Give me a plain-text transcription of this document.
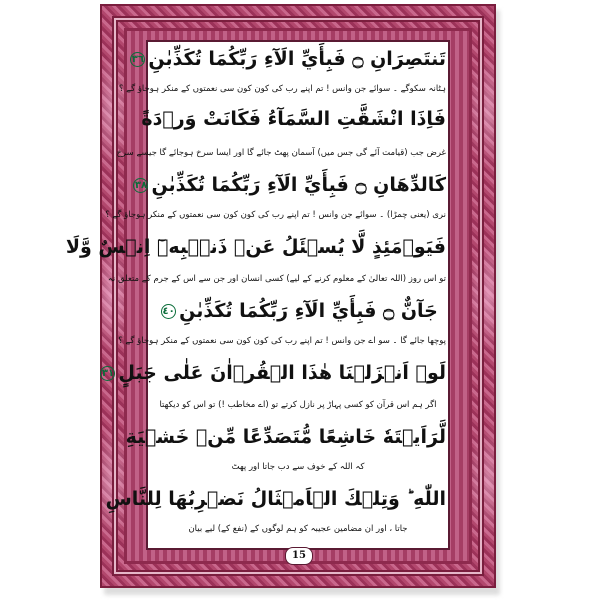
تَنتَصِرَانِ ۝ فَبِأَيِّ الَآءِ رَبِّكُمَا تُكَذِّبٰنِ٣٦
ہٹانہ سکوگے ۔ سوائے جن وانس ! تم اپنے رب کی کون کون سی نعمتوں کے منکر ہوجاؤ گے ؟
فَاِذَا انْشَقَّتِ السَّمَآءُ فَكَانَتْ وَرۡدَةً
غرض جب (قیامت آئے گی جس میں) آسمان پھٹ جائے گا اور ایسا سرخ ہوجائے گا جیسے سرخ
كَالدِّهَانِ ۝ فَبِأَيِّ الَآءِ رَبِّكُمَا تُكَذِّبٰنِ٣٨
نری (یعنی چمڑا) ۔ سوائے جن وانس ! تم اپنے رب کی کون کون سی نعمتوں کے منکر ہوجاؤ گے ؟
فَيَوۡمَئِذٍ لَّا يُسۡئَلُ عَنۡ ذَنۡۢبِهٖٓ اِنۡسٌ وَّلَا
تو اس روز (اللہ تعالیٰ کے معلوم کرنے کے لیے) کسی انسان اور جن سے اس کے جرم کے متعلق نہ
جَآنٌّ ۝ فَبِأَيِّ الَآءِ رَبِّكُمَا تُكَذِّبٰنِ٤٠
پوچھا جائے گا ۔ سو اے جن وانس ! تم اپنے رب کی کون کون سی نعمتوں کے منکر ہوجاؤ گے ؟
لَوۡ اَنۡزَلۡنَا هٰذَا الۡقُرۡاٰنَ عَلٰى جَبَلٍ٣١
اگر ہم اس قرآن کو کسی پہاڑ پر نازل کرتے تو (اے مخاطب !) تو اس کو دیکھتا
لَّرَاَيۡتَهٗ خَاشِعًا مُّتَصَدِّعًا مِّنۡ خَشۡيَةِ
کہ اللہ کے خوف سے دب جاتا اور پھٹ
اللّٰهِ ؕ وَتِلۡكَ الۡاَمۡثَالُ نَضۡرِبُهَا لِلنَّاسِ
جاتا ، اور ان مضامین عجیبہ کو ہم لوگوں کے (نفع کے) لیے بیان
15
